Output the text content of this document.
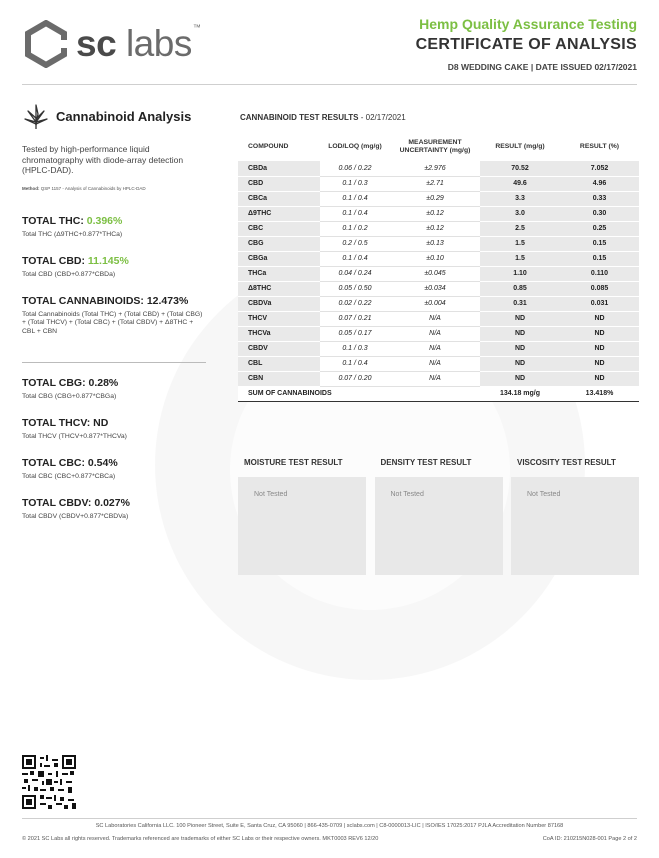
sc labs™	Hemp Quality Assurance Testing
CERTIFICATE OF ANALYSIS
D8 WEDDING CAKE | DATE ISSUED 02/17/2021
Cannabinoid Analysis
Tested by high-performance liquid chromatography with diode-array detection (HPLC-DAD).
Method: QSP 1157 - Analysis of Cannabinoids by HPLC-DAD
TOTAL THC: 0.396%
Total THC (Δ9THC+0.877*THCa)
TOTAL CBD: 11.145%
Total CBD (CBD+0.877*CBDa)
TOTAL CANNABINOIDS: 12.473%
Total Cannabinoids (Total THC) + (Total CBD) + (Total CBG) + (Total THCV) + (Total CBC) + (Total CBDV) + Δ8THC + CBL + CBN
TOTAL CBG: 0.28%
Total CBG (CBG+0.877*CBGa)
TOTAL THCV: ND
Total THCV (THCV+0.877*THCVa)
TOTAL CBC: 0.54%
Total CBC (CBC+0.877*CBCa)
TOTAL CBDV: 0.027%
Total CBDV (CBDV+0.877*CBDVa)
CANNABINOID TEST RESULTS - 02/17/2021
COMPOUND	LOD/LOQ (mg/g)	MEASUREMENT UNCERTAINTY (mg/g)	RESULT (mg/g)	RESULT (%)
CBDa	0.06 / 0.22	±2.976	70.52	7.052
CBD	0.1 / 0.3	±2.71	49.6	4.96
CBCa	0.1 / 0.4	±0.29	3.3	0.33
Δ9THC	0.1 / 0.4	±0.12	3.0	0.30
CBC	0.1 / 0.2	±0.12	2.5	0.25
CBG	0.2 / 0.5	±0.13	1.5	0.15
CBGa	0.1 / 0.4	±0.10	1.5	0.15
THCa	0.04 / 0.24	±0.045	1.10	0.110
Δ8THC	0.05 / 0.50	±0.034	0.85	0.085
CBDVa	0.02 / 0.22	±0.004	0.31	0.031
THCV	0.07 / 0.21	N/A	ND	ND
THCVa	0.05 / 0.17	N/A	ND	ND
CBDV	0.1 / 0.3	N/A	ND	ND
CBL	0.1 / 0.4	N/A	ND	ND
CBN	0.07 / 0.20	N/A	ND	ND
SUM OF CANNABINOIDS			134.18 mg/g	13.418%
MOISTURE TEST RESULT
Not Tested
DENSITY TEST RESULT
Not Tested
VISCOSITY TEST RESULT
Not Tested
SC Laboratories California LLC. 100 Pioneer Street, Suite E, Santa Cruz, CA 95060 | 866-435-0709 | sclabs.com | C8-0000013-LIC | ISO/IES 17025:2017 PJLA Accreditation Number 87168
© 2021 SC Labs all rights reserved. Trademarks referenced are trademarks of either SC Labs or their respective owners. MKT0003 REV6 12/20	CoA ID: 210215N028-001 Page 2 of 2
